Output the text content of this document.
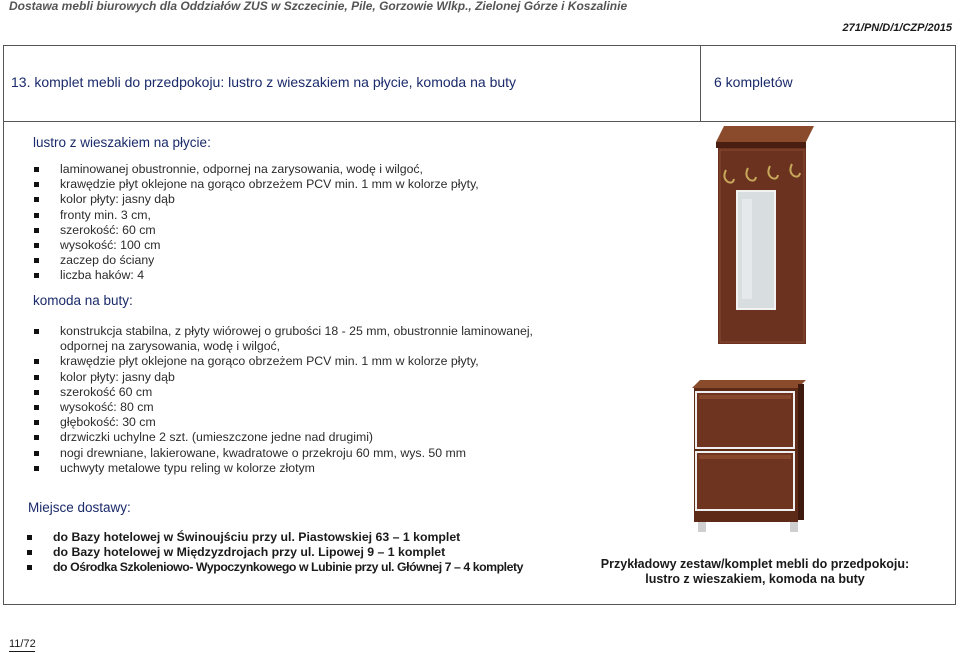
Dostawa mebli biurowych dla Oddziałów ZUS w Szczecinie, Pile, Gorzowie Wlkp., Zielonej Górze i Koszalinie
271/PN/D/1/CZP/2015
13. komplet mebli do przedpokoju: lustro z wieszakiem na płycie, komoda na buty	6 kompletów
lustro z wieszakiem na płycie:
laminowanej obustronnie, odpornej na zarysowania, wodę i wilgoć,
krawędzie płyt oklejone na gorąco obrzeżem PCV min. 1 mm w kolorze płyty,
kolor płyty: jasny dąb
fronty min. 3 cm,
szerokość: 60 cm
wysokość: 100 cm
zaczep do ściany
liczba haków: 4
komoda na buty:
konstrukcja stabilna, z płyty wiórowej o grubości 18 - 25 mm, obustronnie laminowanej,
odpornej na zarysowania, wodę i wilgoć,
krawędzie płyt oklejone na gorąco obrzeżem PCV min. 1 mm w kolorze płyty,
kolor płyty: jasny dąb
szerokość 60 cm
wysokość: 80 cm
głębokość: 30 cm
drzwiczki uchylne 2 szt. (umieszczone jedne nad drugimi)
nogi drewniane, lakierowane, kwadratowe o przekroju 60 mm, wys. 50 mm
uchwyty metalowe typu reling w kolorze złotym
Miejsce dostawy:
do Bazy hotelowej w Świnoujściu przy ul. Piastowskiej 63 – 1 komplet
do Bazy hotelowej w Międzyzdrojach przy ul. Lipowej 9 – 1 komplet
do Ośrodka Szkoleniowo- Wypoczynkowego w Lubinie przy ul. Głównej 7 – 4 komplety	Przykładowy zestaw/komplet mebli do przedpokoju:
lustro z wieszakiem, komoda na buty
11/72
